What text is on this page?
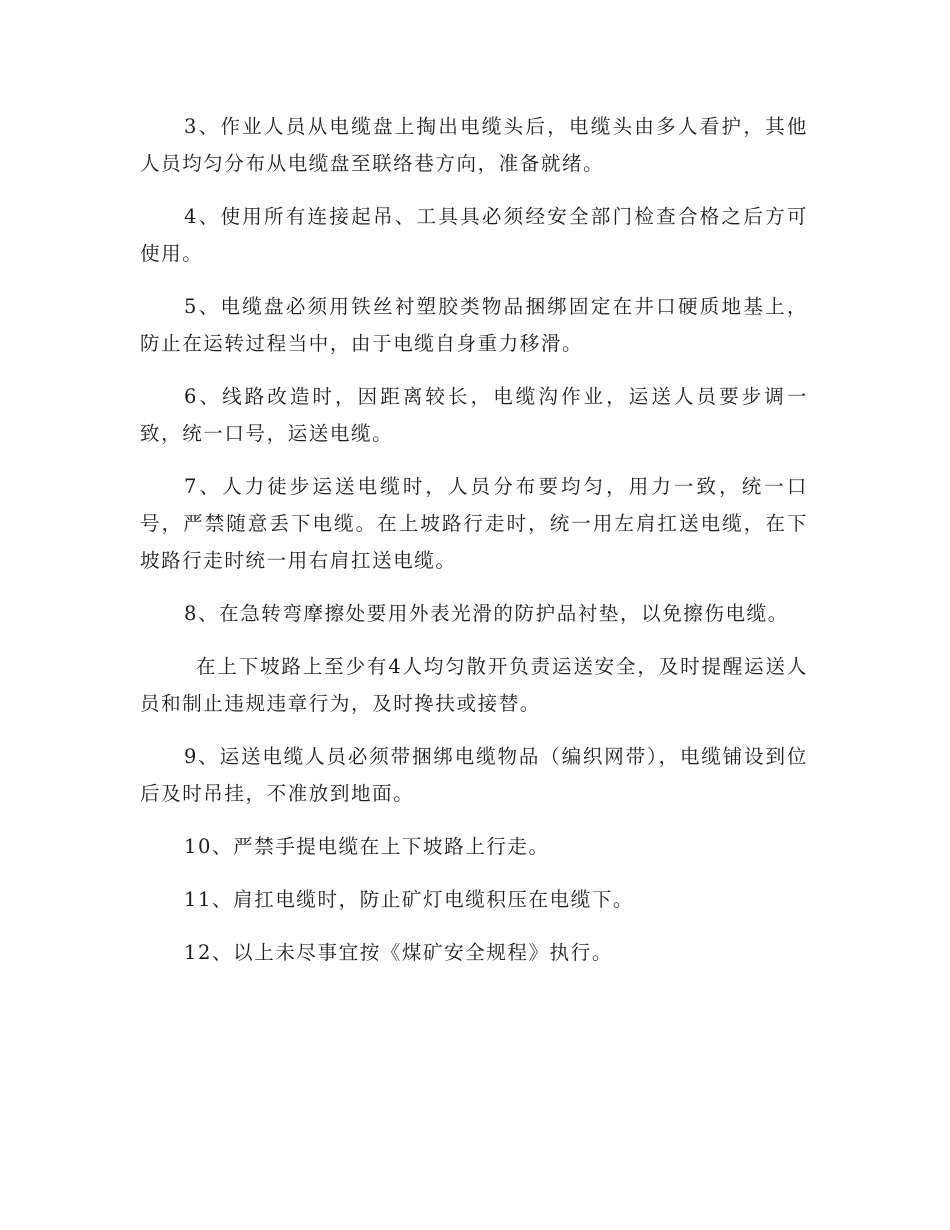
3、作业人员从电缆盘上掏出电缆头后，电缆头由多人看护，其他人员均匀分布从电缆盘至联络巷方向，准备就绪。

4、使用所有连接起吊、工具具必须经安全部门检查合格之后方可使用。

5、电缆盘必须用铁丝衬塑胶类物品捆绑固定在井口硬质地基上，防止在运转过程当中，由于电缆自身重力移滑。

6、线路改造时，因距离较长，电缆沟作业，运送人员要步调一致，统一口号，运送电缆。

7、人力徒步运送电缆时，人员分布要均匀，用力一致，统一口号，严禁随意丢下电缆。在上坡路行走时，统一用左肩扛送电缆，在下坡路行走时统一用右肩扛送电缆。

8、在急转弯摩擦处要用外表光滑的防护品衬垫，以免擦伤电缆。

在上下坡路上至少有4人均匀散开负责运送安全，及时提醒运送人员和制止违规违章行为，及时搀扶或接替。

9、运送电缆人员必须带捆绑电缆物品（编织网带），电缆铺设到位后及时吊挂，不准放到地面。

10、严禁手提电缆在上下坡路上行走。

11、肩扛电缆时，防止矿灯电缆积压在电缆下。

12、以上未尽事宜按《煤矿安全规程》执行。
